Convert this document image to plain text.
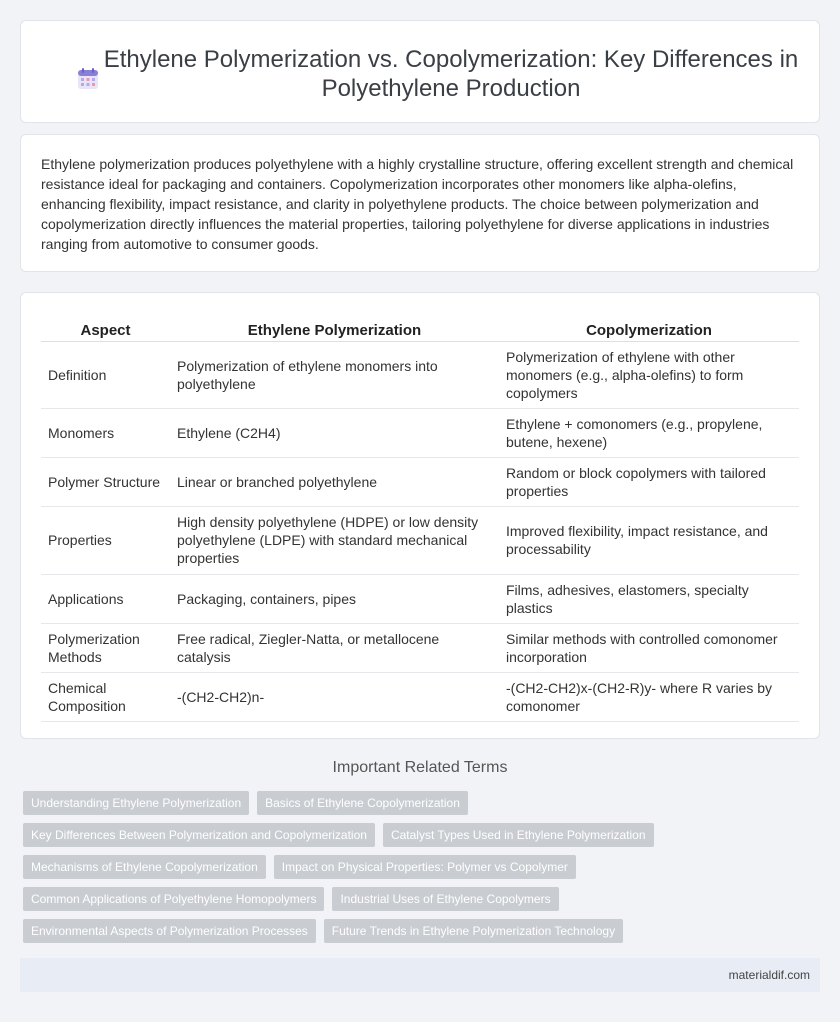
Ethylene Polymerization vs. Copolymerization: Key Differences in Polyethylene Production

Ethylene polymerization produces polyethylene with a highly crystalline structure, offering excellent strength and chemical resistance ideal for packaging and containers. Copolymerization incorporates other monomers like alpha-olefins, enhancing flexibility, impact resistance, and clarity in polyethylene products. The choice between polymerization and copolymerization directly influences the material properties, tailoring polyethylene for diverse applications in industries ranging from automotive to consumer goods.

Aspect	Ethylene Polymerization	Copolymerization
Definition	Polymerization of ethylene monomers into polyethylene	Polymerization of ethylene with other monomers (e.g., alpha-olefins) to form copolymers
Monomers	Ethylene (C2H4)	Ethylene + comonomers (e.g., propylene, butene, hexene)
Polymer Structure	Linear or branched polyethylene	Random or block copolymers with tailored properties
Properties	High density polyethylene (HDPE) or low density polyethylene (LDPE) with standard mechanical properties	Improved flexibility, impact resistance, and processability
Applications	Packaging, containers, pipes	Films, adhesives, elastomers, specialty plastics
Polymerization Methods	Free radical, Ziegler-Natta, or metallocene catalysis	Similar methods with controlled comonomer incorporation
Chemical Composition	-(CH2-CH2)n-	-(CH2-CH2)x-(CH2-R)y- where R varies by comonomer
Important Related Terms
Understanding Ethylene Polymerization	Basics of Ethylene Copolymerization
Key Differences Between Polymerization and Copolymerization	Catalyst Types Used in Ethylene Polymerization
Mechanisms of Ethylene Copolymerization	Impact on Physical Properties: Polymer vs Copolymer
Common Applications of Polyethylene Homopolymers	Industrial Uses of Ethylene Copolymers
Environmental Aspects of Polymerization Processes	Future Trends in Ethylene Polymerization Technology
materialdif.com
